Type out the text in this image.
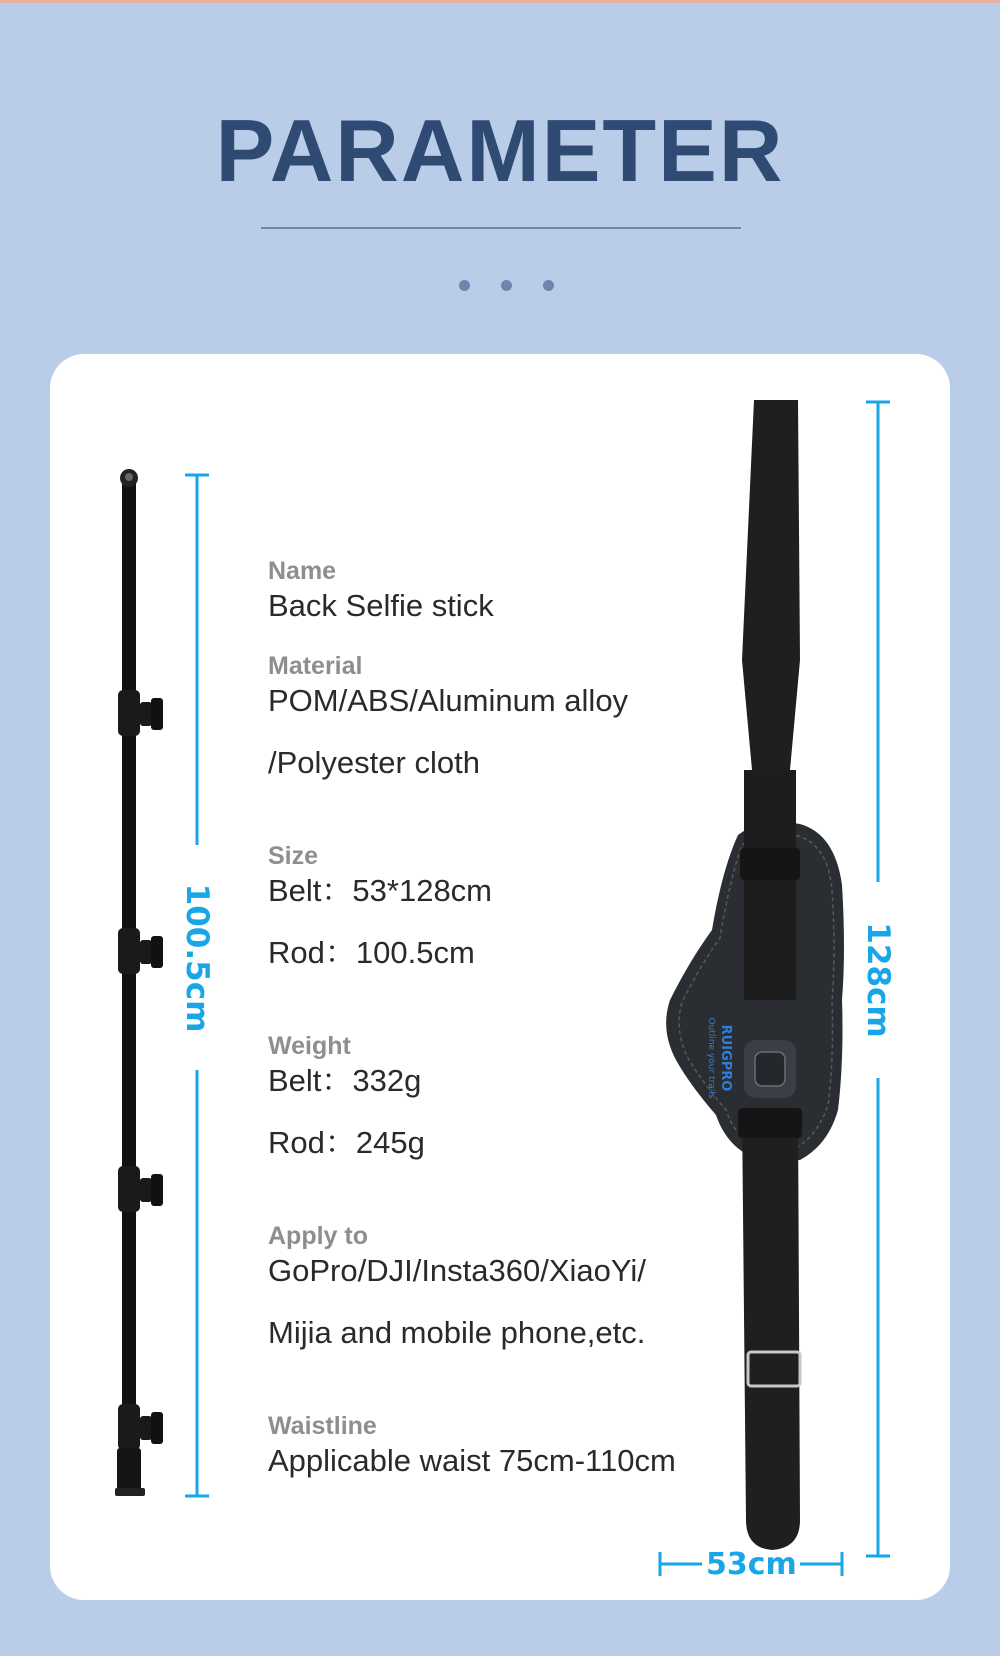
PARAMETER
100.5cm	128cm
53cm
RUIGPRO
Outline your trails
Name
Back Selfie stick
Material
POM/ABS/Aluminum alloy
/Polyester cloth
Size
Belt：53*128cm
Rod：100.5cm
Weight
Belt：332g
Rod：245g
Apply to
GoPro/DJI/Insta360/XiaoYi/
Mijia and mobile phone,etc.
Waistline
Applicable waist 75cm-110cm
